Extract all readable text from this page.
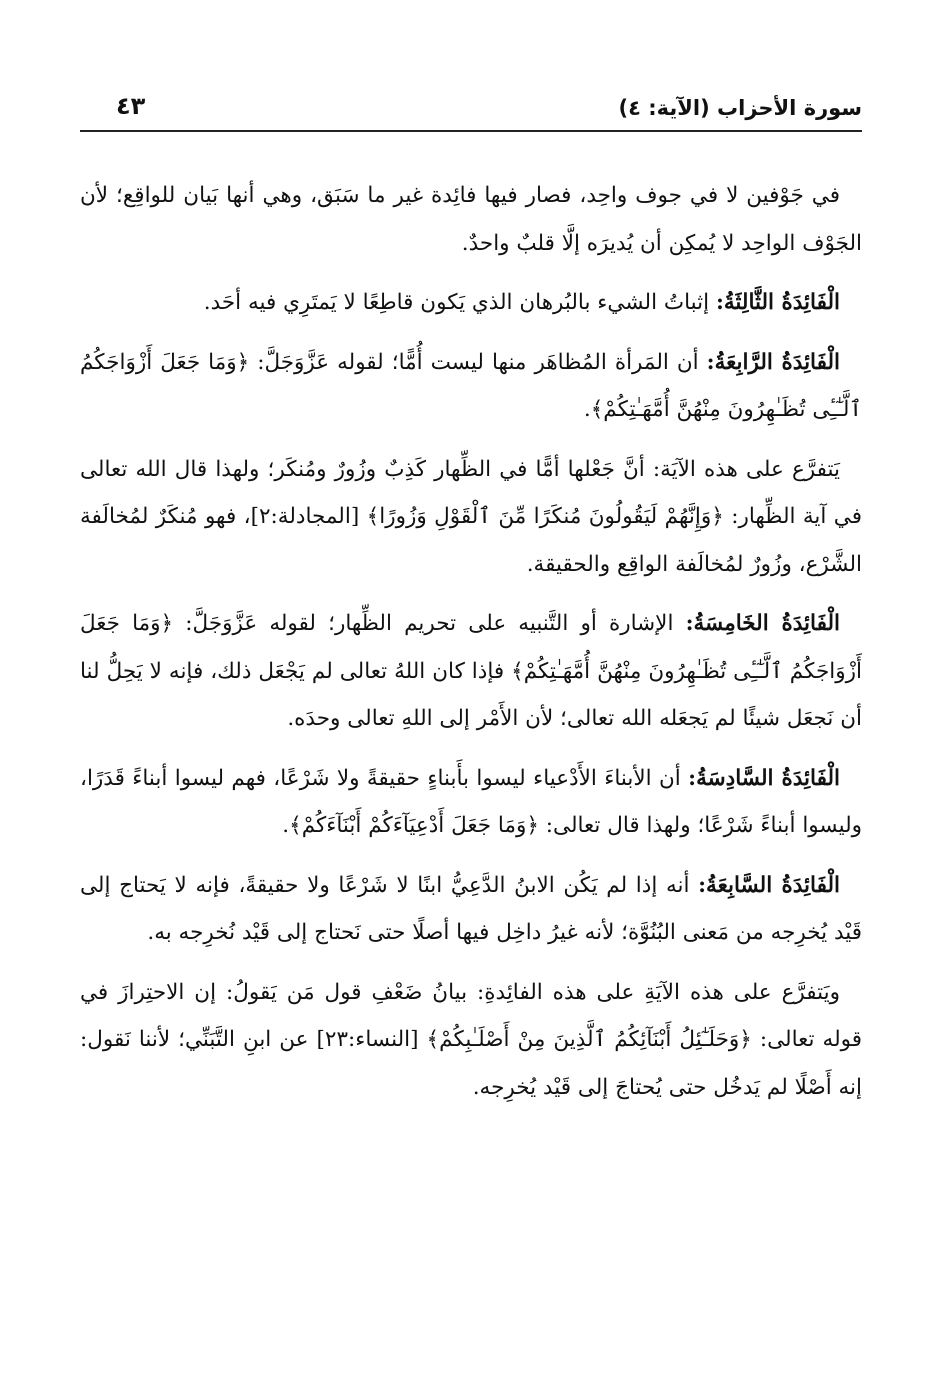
سورة الأحزاب (الآية: ٤)
٤٣

في جَوْفين لا في جوف واحِد، فصار فيها فائِدة غير ما سَبَق، وهي أنها بَيان للواقِع؛ لأن الجَوْف الواحِد لا يُمكِن أن يُديرَه إلَّا قلبٌ واحدٌ.

الْفَائِدَةُ الثَّالِثَةُ: إثباتُ الشيء بالبُرهان الذي يَكون قاطِعًا لا يَمتَرِي فيه أحَد.

الْفَائِدَةُ الرَّابِعَةُ: أن المَرأة المُظاهَر منها ليست أُمًّا؛ لقوله عَزَّوَجَلَّ: ﴿وَمَا جَعَلَ أَزْوَاجَكُمُ ٱلَّـٰٓـِٔى تُظَـٰهِرُونَ مِنْهُنَّ أُمَّهَـٰتِكُمْ﴾.

يَتفرَّع على هذه الآيَة: أنَّ جَعْلها أمًّا في الظِّهار كَذِبٌ وزُورٌ ومُنكَر؛ ولهذا قال الله تعالى في آية الظِّهار: ﴿وَإِنَّهُمْ لَيَقُولُونَ مُنكَرًا مِّنَ ٱلْقَوْلِ وَزُورًا﴾ [المجادلة:٢]، فهو مُنكَرٌ لمُخالَفة الشَّرْع، وزُورٌ لمُخالَفة الواقِع والحقيقة.

الْفَائِدَةُ الخَامِسَةُ: الإشارة أو التَّنبيه على تحريم الظِّهار؛ لقوله عَزَّوَجَلَّ: ﴿وَمَا جَعَلَ أَزْوَاجَكُمُ ٱلَّـٰٓـِٔى تُظَـٰهِرُونَ مِنْهُنَّ أُمَّهَـٰتِكُمْ﴾ فإذا كان اللهُ تعالى لم يَجْعَل ذلك، فإنه لا يَحِلُّ لنا أن نَجعَل شيئًا لم يَجعَله الله تعالى؛ لأن الأَمْر إلى اللهِ تعالى وحدَه.

الْفَائِدَةُ السَّادِسَةُ: أن الأبناءَ الأَدْعياء ليسوا بأَبناءٍ حقيقةً ولا شَرْعًا، فهم ليسوا أبناءً قَدَرًا، وليسوا أبناءً شَرْعًا؛ ولهذا قال تعالى: ﴿وَمَا جَعَلَ أَدْعِيَآءَكُمْ أَبْنَآءَكُمْ﴾.

الْفَائِدَةُ السَّابِعَةُ: أنه إذا لم يَكُن الابنُ الدَّعِيُّ ابنًا لا شَرْعًا ولا حقيقةً، فإنه لا يَحتاج إلى قَيْد يُخرِجه من مَعنى البُنُوَّة؛ لأنه غيرُ داخِل فيها أصلًا حتى نَحتاج إلى قَيْد نُخرِجه به.

ويَتفرَّع على هذه الآيَةِ على هذه الفائِدةِ: بيانُ ضَعْفِ قول مَن يَقولُ: إن الاحتِرازَ في قوله تعالى: ﴿وَحَلَـٰٓئِلُ أَبْنَآئِكُمُ ٱلَّذِينَ مِنْ أَصْلَـٰبِكُمْ﴾ [النساء:٢٣] عن ابنِ التَّبَنِّي؛ لأننا نَقول: إنه أَصْلًا لم يَدخُل حتى يُحتاجَ إلى قَيْد يُخرِجه.
